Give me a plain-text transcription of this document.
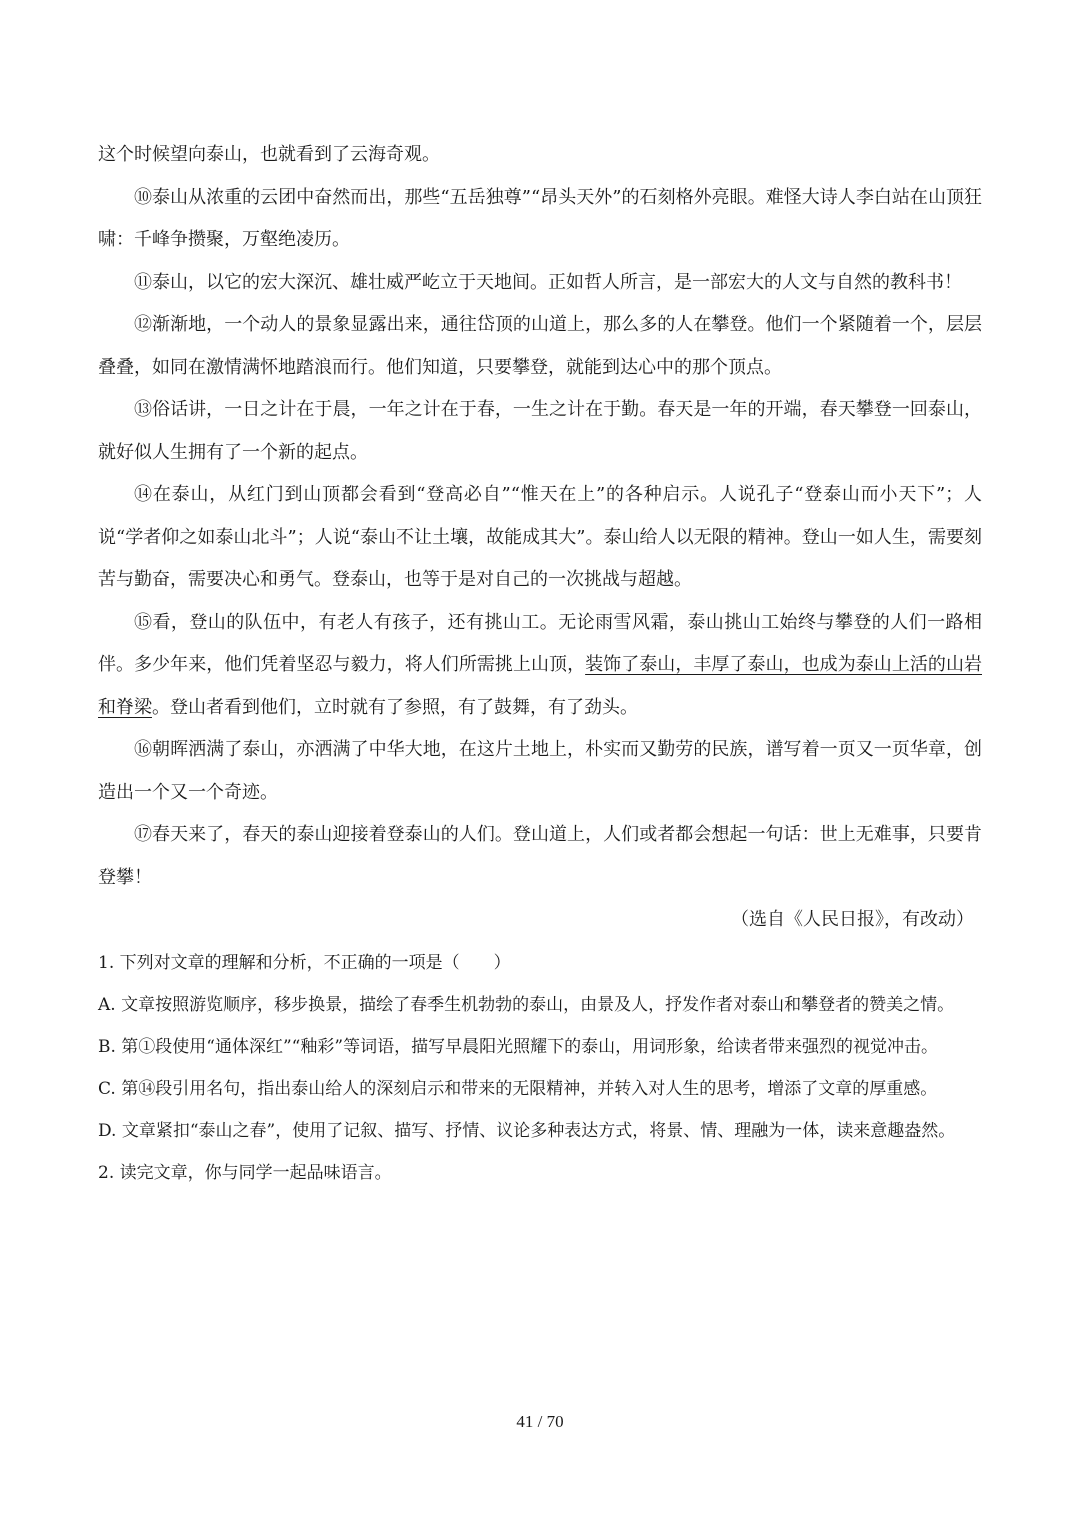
这个时候望向泰山，也就看到了云海奇观。

⑩泰山从浓重的云团中奋然而出，那些“五岳独尊”“昂头天外”的石刻格外亮眼。难怪大诗人李白站在山顶狂啸：千峰争攒聚，万壑绝凌历。

⑪泰山，以它的宏大深沉、雄壮威严屹立于天地间。正如哲人所言，是一部宏大的人文与自然的教科书！

⑫渐渐地，一个动人的景象显露出来，通往岱顶的山道上，那么多的人在攀登。他们一个紧随着一个，层层叠叠，如同在激情满怀地踏浪而行。他们知道，只要攀登，就能到达心中的那个顶点。

⑬俗话讲，一日之计在于晨，一年之计在于春，一生之计在于勤。春天是一年的开端，春天攀登一回泰山，就好似人生拥有了一个新的起点。

⑭在泰山，从红门到山顶都会看到“登高必自”“惟天在上”的各种启示。人说孔子“登泰山而小天下”；人说“学者仰之如泰山北斗”；人说“泰山不让土壤，故能成其大”。泰山给人以无限的精神。登山一如人生，需要刻苦与勤奋，需要决心和勇气。登泰山，也等于是对自己的一次挑战与超越。

⑮看，登山的队伍中，有老人有孩子，还有挑山工。无论雨雪风霜，泰山挑山工始终与攀登的人们一路相伴。多少年来，他们凭着坚忍与毅力，将人们所需挑上山顶，装饰了泰山，丰厚了泰山，也成为泰山上活的山岩和脊梁。登山者看到他们，立时就有了参照，有了鼓舞，有了劲头。

⑯朝晖洒满了泰山，亦洒满了中华大地，在这片土地上，朴实而又勤劳的民族，谱写着一页又一页华章，创造出一个又一个奇迹。

⑰春天来了，春天的泰山迎接着登泰山的人们。登山道上，人们或者都会想起一句话：世上无难事，只要肯登攀！

（选自《人民日报》，有改动）

1. 下列对文章的理解和分析，不正确的一项是（　　）

A. 文章按照游览顺序，移步换景，描绘了春季生机勃勃的泰山，由景及人，抒发作者对泰山和攀登者的赞美之情。

B. 第①段使用“通体深红”“釉彩”等词语，描写早晨阳光照耀下的泰山，用词形象，给读者带来强烈的视觉冲击。

C. 第⑭段引用名句，指出泰山给人的深刻启示和带来的无限精神，并转入对人生的思考，增添了文章的厚重感。

D. 文章紧扣“泰山之春”，使用了记叙、描写、抒情、议论多种表达方式，将景、情、理融为一体，读来意趣盎然。

2. 读完文章，你与同学一起品味语言。

41 / 70
